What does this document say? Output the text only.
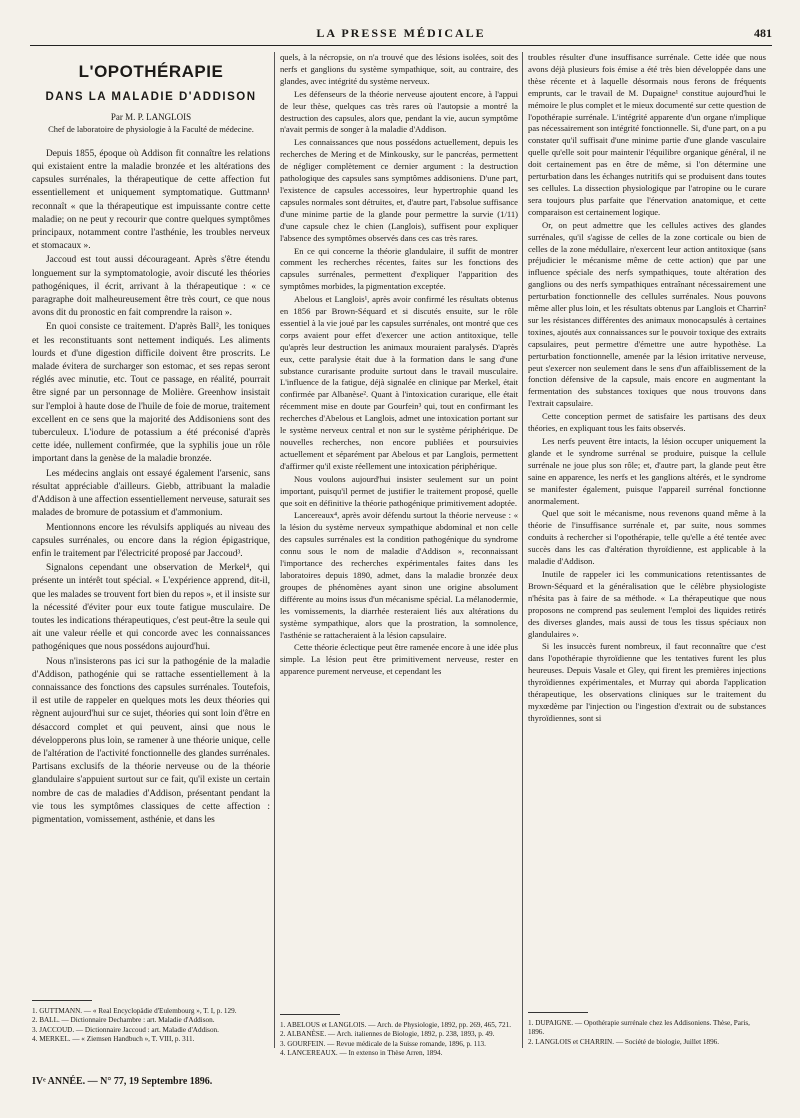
LA PRESSE MÉDICALE	481
L'OPOTHÉRAPIE
DANS LA MALADIE D'ADDISON
Par M. P. LANGLOIS
Chef de laboratoire de physiologie à la Faculté de médecine.

Depuis 1855, époque où Addison fit connaître les relations qui existaient entre la maladie bronzée et les altérations des capsules surrénales, la thérapeutique de cette affection fut essentiellement et uniquement symptomatique. Guttmann¹ reconnaît « que la thérapeutique est impuissante contre cette maladie; on ne peut y recourir que contre quelques symptômes principaux, notamment contre l'asthénie, les troubles nerveux et stomacaux ».

Jaccoud est tout aussi décourageant. Après s'être étendu longuement sur la symptomatologie, avoir discuté les théories pathogéniques, il écrit, arrivant à la thérapeutique : « ce paragraphe doit malheureusement être très court, ce que nous avons dit du pronostic en fait comprendre la raison ».

En quoi consiste ce traitement. D'après Ball², les toniques et les reconstituants sont nettement indiqués. Les aliments lourds et d'une digestion difficile doivent être proscrits. Le malade évitera de surcharger son estomac, et ses repas seront réglés avec minutie, etc. Tout ce passage, en réalité, pourrait être signé par un personnage de Molière. Greenhow insistait sur l'emploi à haute dose de l'huile de foie de morue, traitement excellent en ce sens que la majorité des Addisoniens sont des tuberculeux. L'iodure de potassium a été préconisé d'après cette idée, nullement confirmée, que la syphilis joue un rôle important dans la genèse de la maladie bronzée.

Les médecins anglais ont essayé également l'arsenic, sans résultat appréciable d'ailleurs. Giebb, attribuant la maladie d'Addison à une affection essentiellement nerveuse, saturait ses malades de bromure de potassium et d'ammonium.

Mentionnons encore les révulsifs appliqués au niveau des capsules surrénales, ou encore dans la région épigastrique, enfin le traitement par l'électricité proposé par Jaccoud³.

Signalons cependant une observation de Merkel⁴, qui présente un intérêt tout spécial. « L'expérience apprend, dit-il, que les malades se trouvent fort bien du repos », et il insiste sur la nécessité d'éviter pour eux toute fatigue musculaire. De toutes les indications thérapeutiques, c'est peut-être la seule qui ait une valeur réelle et qui concorde avec les connaissances pathogéniques que nous possédons aujourd'hui.

Nous n'insisterons pas ici sur la pathogénie de la maladie d'Addison, pathogénie qui se rattache essentiellement à la connaissance des fonctions des capsules surrénales. Toutefois, il est utile de rappeler en quelques mots les deux théories qui règnent aujourd'hui sur ce sujet, théories qui sont loin d'être en désaccord complet et qui peuvent, ainsi que nous le développerons plus loin, se ramener à une théorie unique, celle de l'altération de l'activité fonctionnelle des glandes surrénales. Partisans exclusifs de la théorie nerveuse ou de la théorie glandulaire s'appuient surtout sur ce fait, qu'il existe un certain nombre de cas de maladies d'Addison, présentant pendant la vie tous les symptômes classiques de cette affection : pigmentation, vomissement, asthénie, et dans les

quels, à la nécropsie, on n'a trouvé que des lésions isolées, soit des nerfs et ganglions du système sympathique, soit, au contraire, des glandes, avec intégrité du système nerveux.

Les défenseurs de la théorie nerveuse ajoutent encore, à l'appui de leur thèse, quelques cas très rares où l'autopsie a montré la destruction des capsules, alors que, pendant la vie, aucun symptôme n'avait permis de songer à la maladie d'Addison.

Les connaissances que nous possédons actuellement, depuis les recherches de Mering et de Minkousky, sur le pancréas, permettent de négliger complètement ce dernier argument : la destruction pathologique des capsules sans symptômes addisoniens. D'une part, l'existence de capsules accessoires, leur hypertrophie quand les capsules normales sont détruites, et, d'autre part, l'absolue suffisance d'une minime partie de la glande pour permettre la survie (1/11) d'une capsule chez le chien (Langlois), suffisent pour expliquer l'absence des symptômes observés dans ces cas très rares.

En ce qui concerne la théorie glandulaire, il suffit de montrer comment les recherches récentes, faites sur les fonctions des capsules surrénales, permettent d'expliquer l'apparition des symptômes morbides, la pigmentation exceptée.

Abelous et Langlois¹, après avoir confirmé les résultats obtenus en 1856 par Brown-Séquard et si discutés ensuite, sur le rôle essentiel à la vie joué par les capsules surrénales, ont montré que ces corps avaient pour effet d'exercer une action antitoxique, telle qu'après leur destruction les animaux mouraient paralysés. D'après eux, cette paralysie était due à la formation dans le sang d'une substance curarisante produite surtout dans le travail musculaire. L'influence de la fatigue, déjà signalée en clinique par Merkel, était confirmée par Albanèse². Quant à l'intoxication curarique, elle était récemment mise en doute par Gourfein³ qui, tout en confirmant les recherches d'Abelous et Langlois, admet une intoxication portant sur le système nerveux central et non sur le système périphérique. De nouvelles recherches, non encore publiées et poursuivies actuellement et séparément par Abelous et par Langlois, permettent d'affirmer qu'il existe réellement une intoxication périphérique.

Nous voulons aujourd'hui insister seulement sur un point important, puisqu'il permet de justifier le traitement proposé, quelle que soit en définitive la théorie pathogénique primitivement adoptée.

Lancereaux⁴, après avoir défendu surtout la théorie nerveuse : « la lésion du système nerveux sympathique abdominal et non celle des capsules surrénales est la condition pathogénique du syndrome connu sous le nom de maladie d'Addison », reconnaissant l'importance des recherches expérimentales faites dans les laboratoires depuis 1890, admet, dans la maladie bronzée deux groupes de phénomènes ayant sinon une origine absolument différente au moins issus d'un mécanisme spécial. La mélanodermie, les vomissements, la diarrhée resteraient liés aux altérations du système sympathique, alors que la prostration, la somnolence, l'asthénie se rattacheraient à la lésion capsulaire.

Cette théorie éclectique peut être ramenée encore à une idée plus simple. La lésion peut être primitivement nerveuse, rester en apparence purement nerveuse, et cependant les

troubles résulter d'une insuffisance surrénale. Cette idée que nous avons déjà plusieurs fois émise a été très bien développée dans une thèse récente et à laquelle désormais nous ferons de fréquents emprunts, car le travail de M. Dupaigne¹ constitue aujourd'hui le mémoire le plus complet et le mieux documenté sur cette question de l'opothérapie surrénale. L'intégrité apparente d'un organe n'implique pas nécessairement son intégrité fonctionnelle. Si, d'une part, on a pu constater qu'il suffisait d'une minime partie d'une glande vasculaire quelle qu'elle soit pour maintenir l'équilibre organique général, il ne doit certainement pas en être de même, si l'on détermine une perturbation dans les échanges nutritifs qui se produisent dans toutes ses cellules. La dissection physiologique par l'atropine ou le curare sera toujours plus parfaite que l'énervation anatomique, et cette comparaison est certainement logique.

Or, on peut admettre que les cellules actives des glandes surrénales, qu'il s'agisse de celles de la zone corticale ou bien de celles de la zone médullaire, n'exercent leur action antitoxique (sans préjudicier le mécanisme même de cette action) que par une influence spéciale des nerfs sympathiques, toute altération des ganglions ou des nerfs sympathiques entraînant nécessairement une perturbation fonctionnelle des cellules surrénales. Nous pouvons même aller plus loin, et les résultats obtenus par Langlois et Charrin² sur les résistances différentes des animaux monocapsulés à certaines toxines, ajoutés aux connaissances sur le pouvoir toxique des extraits capsulaires, peut permettre d'émettre une autre hypothèse. La perturbation fonctionnelle, amenée par la lésion irritative nerveuse, peut s'exercer non seulement dans le sens d'un affaiblissement de la fonction défensive de la capsule, mais encore en augmentant la fermentation des substances toxiques que nous trouvons dans l'extrait capsulaire.

Cette conception permet de satisfaire les partisans des deux théories, en expliquant tous les faits observés.

Les nerfs peuvent être intacts, la lésion occuper uniquement la glande et le syndrome surrénal se produire, puisque la cellule surrénale ne joue plus son rôle; et, d'autre part, la glande peut être saine en apparence, les nerfs et les ganglions altérés, et le syndrome se manifester également, puisque l'appareil surrénal fonctionne anormalement.

Quel que soit le mécanisme, nous revenons quand même à la théorie de l'insuffisance surrénale et, par suite, nous sommes conduits à rechercher si l'opothérapie, telle qu'elle a été tentée avec succès dans les cas d'altération thyroïdienne, est applicable à la maladie d'Addison.

Inutile de rappeler ici les communications retentissantes de Brown-Séquard et la généralisation que le célèbre physiologiste n'hésita pas à faire de sa méthode. « La thérapeutique que nous proposons ne comprend pas seulement l'emploi des liquides retirés des diverses glandes, mais aussi de tous les tissus spéciaux non glandulaires ».

Si les insuccès furent nombreux, il faut reconnaître que c'est dans l'opothérapie thyroïdienne que les tentatives furent les plus heureuses. Depuis Vasale et Gley, qui firent les premières injections thyroïdiennes expérimentales, et Murray qui aborda l'application thérapeutique, les observations cliniques sur le traitement du myxœdème par l'injection ou l'ingestion d'extrait ou de substances thyroïdiennes, sont si

1. GUTTMANN. — « Real Encyclopädie d'Eulembourg », T. I, p. 129.
2. BALL. — Dictionnaire Dechambre : art. Maladie d'Addison.
3. JACCOUD. — Dictionnaire Jaccoud : art. Maladie d'Addison.
4. MERKEL. — « Ziemsen Handbuch », T. VIII, p. 311.
1. ABELOUS et LANGLOIS. — Arch. de Physiologie, 1892, pp. 269, 465, 721.
2. ALBANÈSE. — Arch. italiennes de Biologie, 1892, p. 238, 1893, p. 49.
3. GOURFEIN. — Revue médicale de la Suisse romande, 1896, p. 113.
4. LANCEREAUX. — In extenso in Thèse Arren, 1894.
1. DUPAIGNE. — Opothérapie surrénale chez les Addisoniens. Thèse, Paris, 1896.
2. LANGLOIS et CHARRIN. — Société de biologie, Juillet 1896.
IVᵉ ANNÉE. — N° 77, 19 Septembre 1896.
